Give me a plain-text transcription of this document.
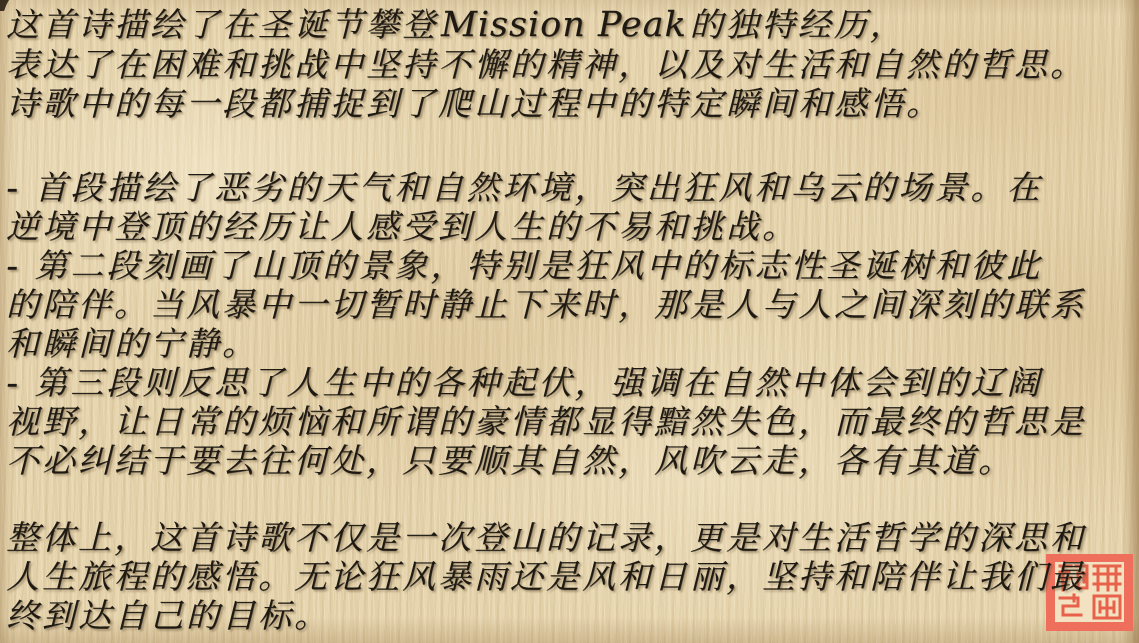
这首诗描绘了在圣诞节攀登Mission Peak的独特经历，
表达了在困难和挑战中坚持不懈的精神，以及对生活和自然的哲思。
诗歌中的每一段都捕捉到了爬山过程中的特定瞬间和感悟。

- 首段描绘了恶劣的天气和自然环境，突出狂风和乌云的场景。在
逆境中登顶的经历让人感受到人生的不易和挑战。
- 第二段刻画了山顶的景象，特别是狂风中的标志性圣诞树和彼此
的陪伴。当风暴中一切暂时静止下来时，那是人与人之间深刻的联系
和瞬间的宁静。
- 第三段则反思了人生中的各种起伏，强调在自然中体会到的辽阔
视野，让日常的烦恼和所谓的豪情都显得黯然失色，而最终的哲思是
不必纠结于要去往何处，只要顺其自然，风吹云走，各有其道。

整体上，这首诗歌不仅是一次登山的记录，更是对生活哲学的深思和
人生旅程的感悟。无论狂风暴雨还是风和日丽，坚持和陪伴让我们最
终到达自己的目标。
